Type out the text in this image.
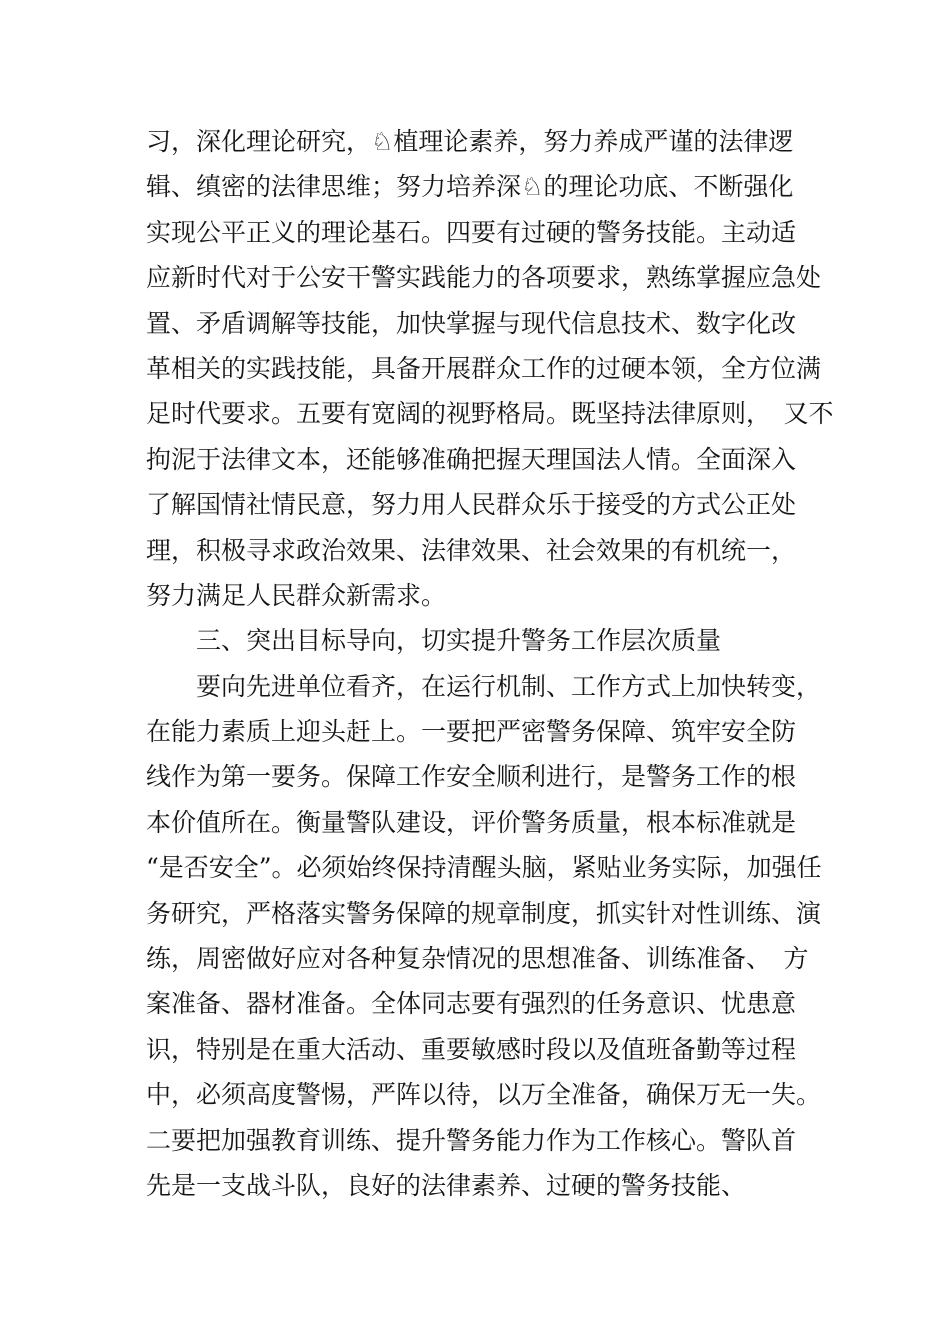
习，深化理论研究，♘植理论素养，努力养成严谨的法律逻
辑、缜密的法律思维；努力培养深♘的理论功底、不断强化
实现公平正义的理论基石。四要有过硬的警务技能。主动适
应新时代对于公安干警实践能力的各项要求，熟练掌握应急处
置、矛盾调解等技能，加快掌握与现代信息技术、数字化改
革相关的实践技能，具备开展群众工作的过硬本领，全方位满
足时代要求。五要有宽阔的视野格局。既坚持法律原则，　又不
拘泥于法律文本，还能够准确把握天理国法人情。全面深入
了解国情社情民意，努力用人民群众乐于接受的方式公正处
理，积极寻求政治效果、法律效果、社会效果的有机统一，
努力满足人民群众新需求。
三、突出目标导向，切实提升警务工作层次质量
要向先进单位看齐，在运行机制、工作方式上加快转变，
在能力素质上迎头赶上。一要把严密警务保障、筑牢安全防
线作为第一要务。保障工作安全顺利进行，是警务工作的根
本价值所在。衡量警队建设，评价警务质量，根本标准就是
“是否安全”。必须始终保持清醒头脑，紧贴业务实际，加强任
务研究，严格落实警务保障的规章制度，抓实针对性训练、演
练，周密做好应对各种复杂情况的思想准备、训练准备、　方
案准备、器材准备。全体同志要有强烈的任务意识、忧患意
识，特别是在重大活动、重要敏感时段以及值班备勤等过程
中，必须高度警惕，严阵以待，以万全准备，确保万无一失。
二要把加强教育训练、提升警务能力作为工作核心。警队首
先是一支战斗队，良好的法律素养、过硬的警务技能、
